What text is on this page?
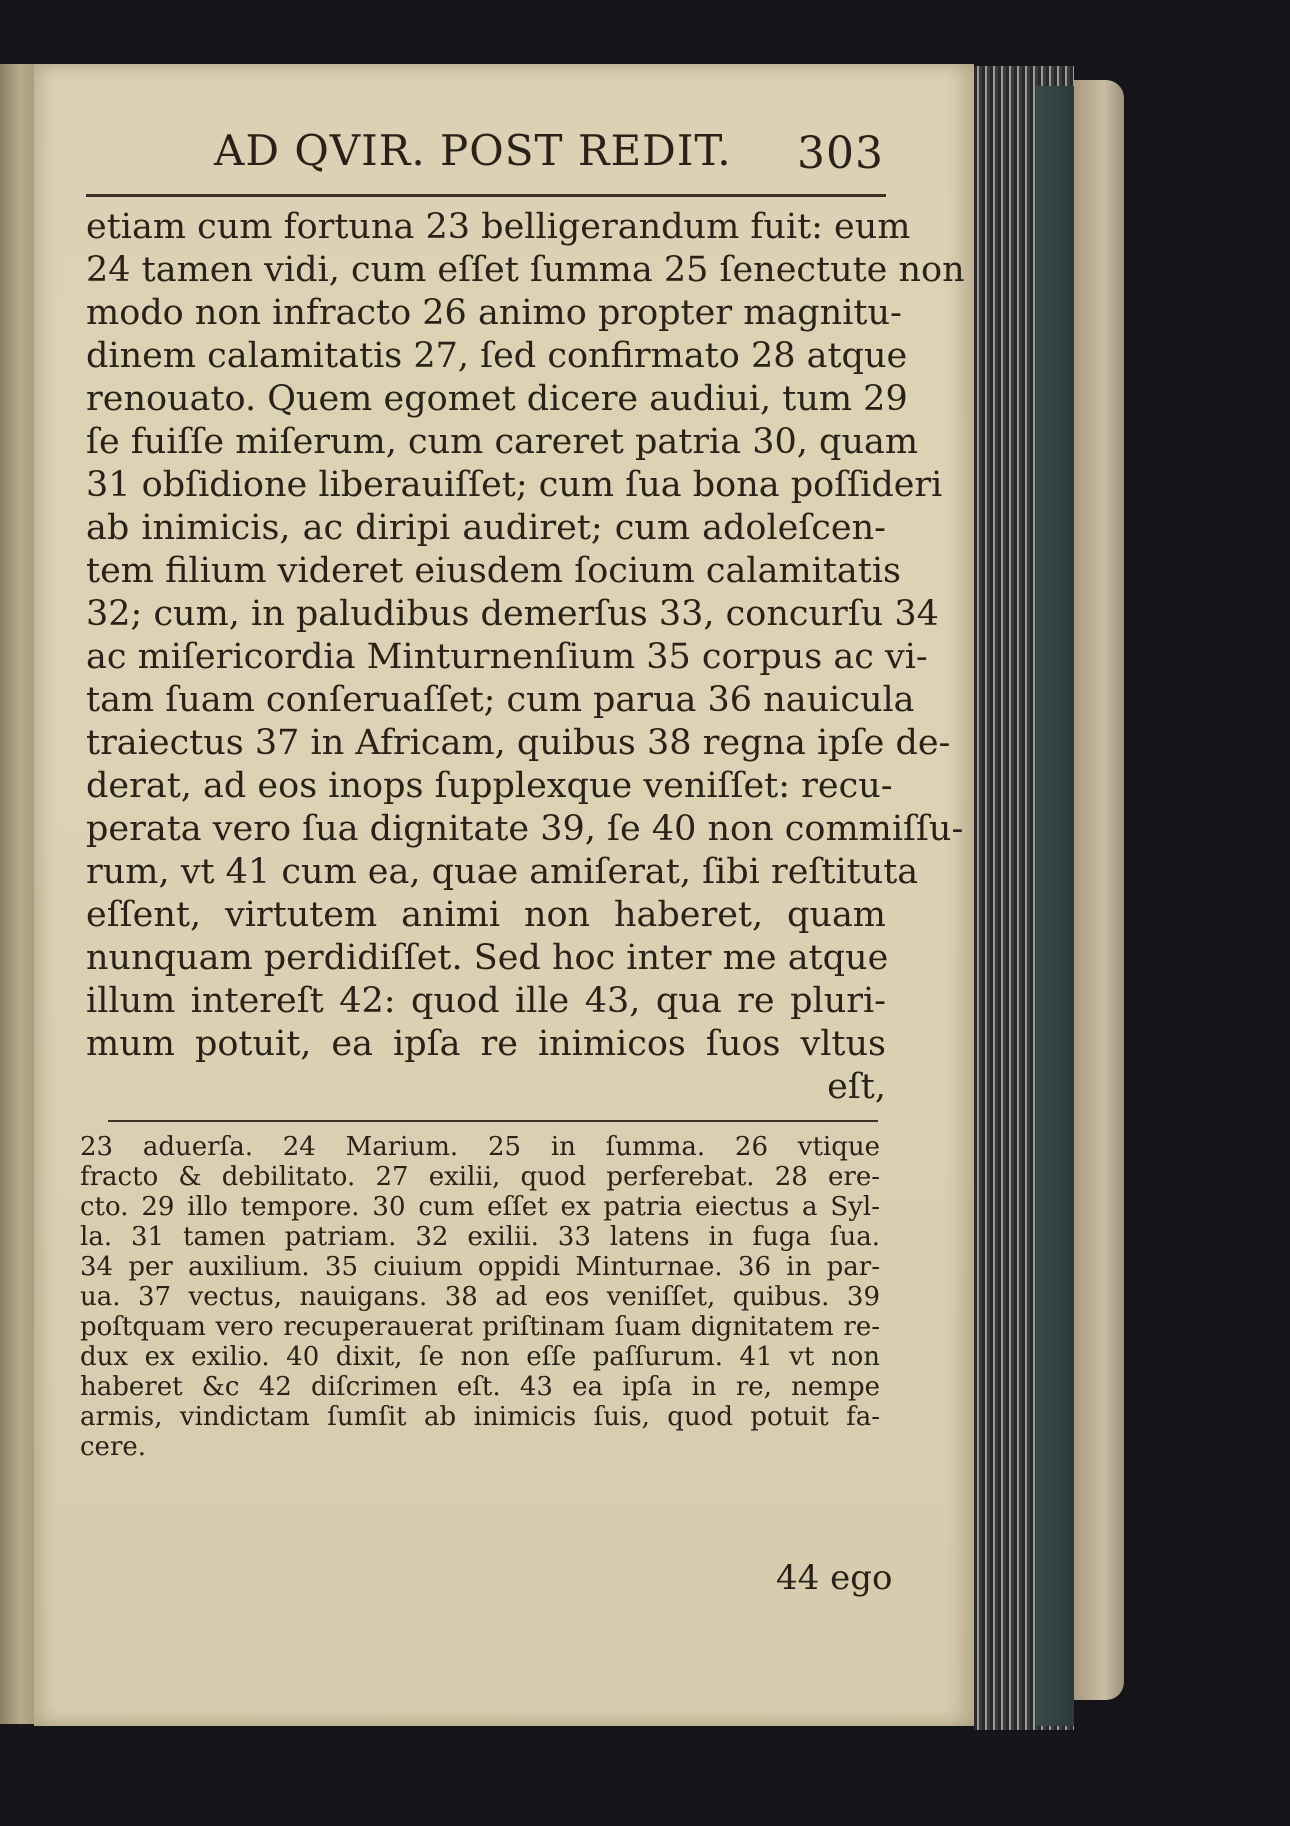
AD QVIR. POST REDIT. 303
etiam cum fortuna 23 belligerandum fuit: eum
24 tamen vidi, cum eſſet ſumma 25 ſenectute non
modo non infracto 26 animo propter magnitu-
dinem calamitatis 27, ſed confirmato 28 atque
renouato. Quem egomet dicere audiui, tum 29
ſe fuiſſe miſerum, cum careret patria 30, quam
31 obſidione liberauiſſet; cum ſua bona poſſideri
ab inimicis, ac diripi audiret; cum adoleſcen-
tem filium videret eiusdem ſocium calamitatis
32; cum, in paludibus demerſus 33, concurſu 34
ac miſericordia Minturnenſium 35 corpus ac vi-
tam ſuam conſeruaſſet; cum parua 36 nauicula
traiectus 37 in Africam, quibus 38 regna ipſe de-
derat, ad eos inops ſupplexque veniſſet: recu-
perata vero ſua dignitate 39, ſe 40 non commiſſu-
rum, vt 41 cum ea, quae amiſerat, ſibi reſtituta
eſſent, virtutem animi non haberet, quam
nunquam perdidiſſet. Sed hoc inter me atque
illum intereſt 42: quod ille 43, qua re pluri-
mum potuit, ea ipſa re inimicos ſuos vltus
eſt,
23 aduerſa. 24 Marium. 25 in ſumma. 26 vtique
fracto & debilitato. 27 exilii, quod perferebat. 28 ere-
cto. 29 illo tempore. 30 cum eſſet ex patria eiectus a Syl-
la. 31 tamen patriam. 32 exilii. 33 latens in fuga ſua.
34 per auxilium. 35 ciuium oppidi Minturnae. 36 in par-
ua. 37 vectus, nauigans. 38 ad eos veniſſet, quibus. 39
poſtquam vero recuperauerat priſtinam ſuam dignitatem re-
dux ex exilio. 40 dixit, ſe non eſſe paſſurum. 41 vt non
haberet &c 42 diſcrimen eſt. 43 ea ipſa in re, nempe
armis, vindictam ſumſit ab inimicis ſuis, quod potuit fa-
cere.
44 ego
